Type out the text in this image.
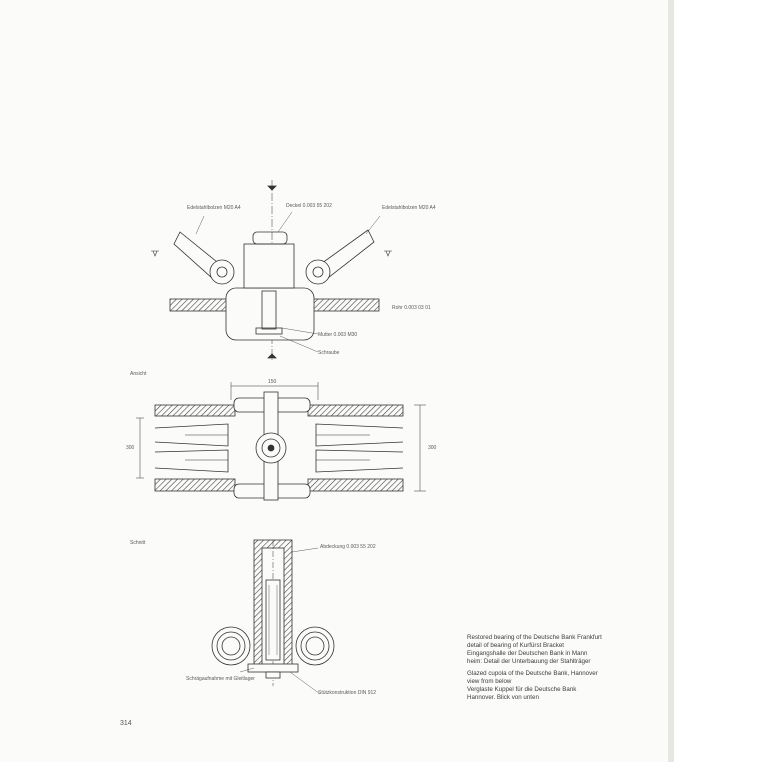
Edelstahlbolzen M20 A4	Edelstahlbolzen M20 A4
Deckel 0.003 55 202
Rohr 0.003 03 01
Mutter 0.003 M30
Schraube
Ansicht
150
300	300
Schnitt
Abdeckung 0.003 55 202
Schrägaufnahme mit Gleitlager
Stützkonstruktion DIN 912

Restored bearing of the Deutsche Bank Frankfurt

detail of bearing of Kurfürst Bracket

Eingangshalle der Deutschen Bank in Mann

heim: Detail der Unterbauung der Stahlträger

Glazed cupola of the Deutsche Bank, Hannover

view from below

Verglaste Kuppel für die Deutsche Bank

Hannover. Blick von unten

314
